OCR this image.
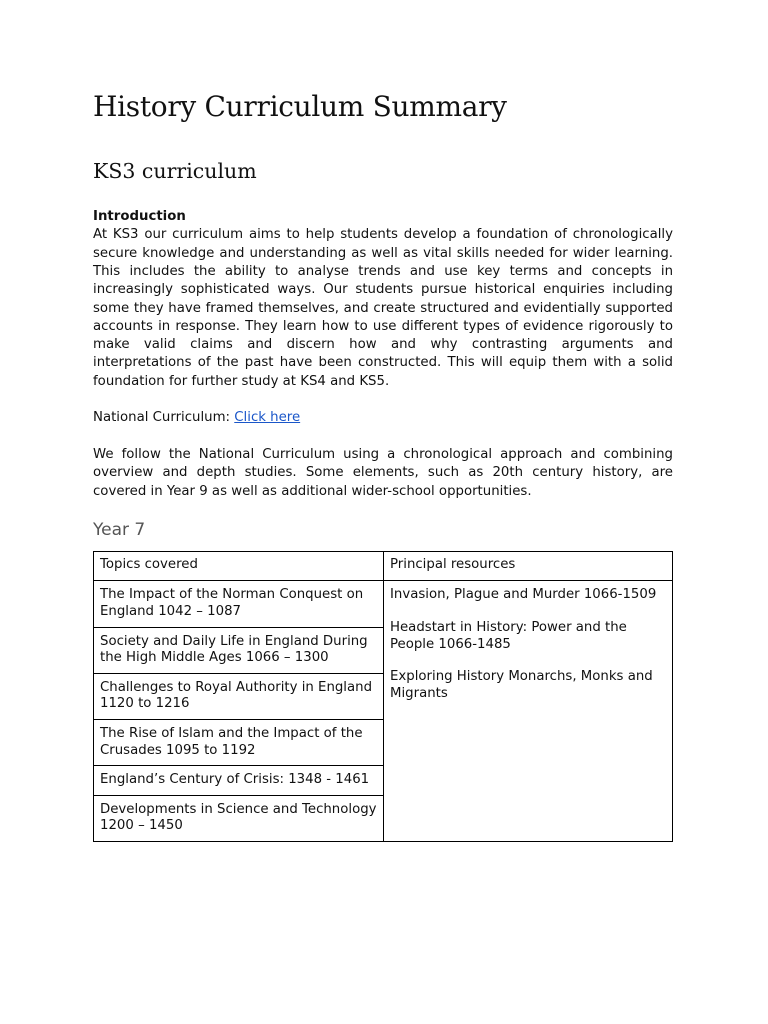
History Curriculum Summary
KS3 curriculum
Introduction

At KS3 our curriculum aims to help students develop a foundation of chronologically secure knowledge and understanding as well as vital skills needed for wider learning. This includes the ability to analyse trends and use key terms and concepts in increasingly sophisticated ways. Our students pursue historical enquiries including some they have framed themselves, and create structured and evidentially supported accounts in response. They learn how to use different types of evidence rigorously to make valid claims and discern how and why contrasting arguments and interpretations of the past have been constructed. This will equip them with a solid foundation for further study at KS4 and KS5.

National Curriculum: Click here

We follow the National Curriculum using a chronological approach and combining overview and depth studies. Some elements, such as 20th century history, are covered in Year 9 as well as additional wider-school opportunities.

Year 7
Topics covered	Principal resources
The Impact of the Norman Conquest on England 1042 – 1087	Invasion, Plague and Murder 1066-1509
Headstart in History: Power and the People 1066-1485
Exploring History Monarchs, Monks and Migrants

Society and Daily Life in England During the High Middle Ages 1066 – 1300	
Challenges to Royal Authority in England 1120 to 1216	
The Rise of Islam and the Impact of the Crusades 1095 to 1192	
England’s Century of Crisis: 1348 - 1461	
Developments in Science and Technology 1200 – 1450	
